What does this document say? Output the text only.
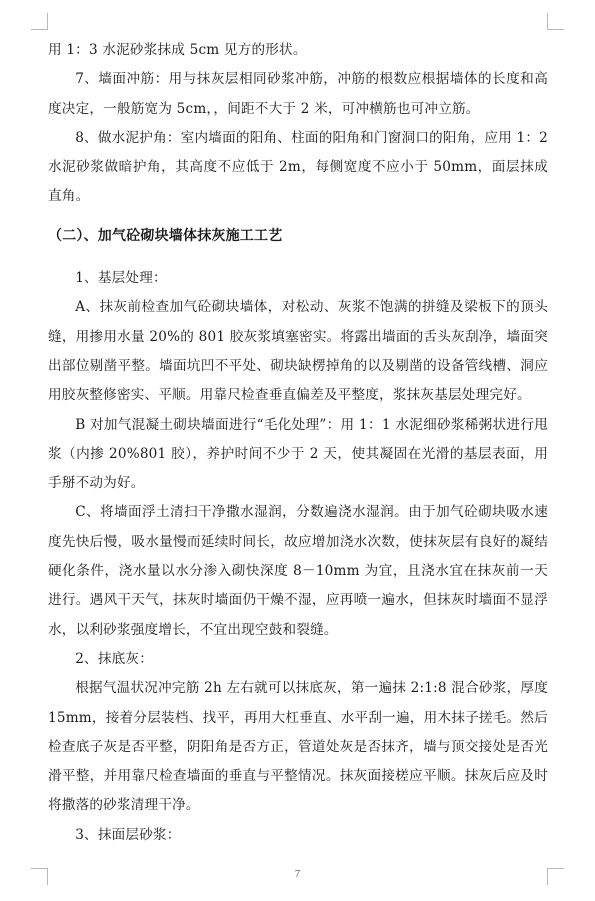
用 1：3 水泥砂浆抹成 5cm 见方的形状。

7、墙面冲筋：用与抹灰层相同砂浆冲筋，冲筋的根数应根据墙体的长度和高度决定，一般筋宽为 5cm，，间距不大于 2 米，可冲横筋也可冲立筋。

8、做水泥护角：室内墙面的阳角、柱面的阳角和门窗洞口的阳角，应用 1：2 水泥砂浆做暗护角，其高度不应低于 2m，每侧宽度不应小于 50mm，面层抹成直角。

（二）、加气砼砌块墙体抹灰施工工艺

1、基层处理：

A、抹灰前检查加气砼砌块墙体，对松动、灰浆不饱满的拼缝及梁板下的顶头缝，用掺用水量 20%的 801 胶灰浆填塞密实。将露出墙面的舌头灰刮净，墙面突出部位剔凿平整。墙面坑凹不平处、砌块缺楞掉角的以及剔凿的设备管线槽、洞应用胶灰整修密实、平顺。用靠尺检查垂直偏差及平整度，浆抹灰基层处理完好。

B 对加气混凝土砌块墙面进行“毛化处理”：用 1：1 水泥细砂浆稀粥状进行甩浆（内掺 20%801 胶），养护时间不少于 2 天，使其凝固在光滑的基层表面，用手掰不动为好。

C、将墙面浮土清扫干净撒水湿润，分数遍浇水湿润。由于加气砼砌块吸水速度先快后慢，吸水量慢而延续时间长，故应增加浇水次数，使抹灰层有良好的凝结硬化条件，浇水量以水分渗入砌快深度 8－10mm 为宜，且浇水宜在抹灰前一天进行。遇风干天气，抹灰时墙面仍干燥不湿，应再喷一遍水，但抹灰时墙面不显浮水，以利砂浆强度增长，不宜出现空鼓和裂缝。

2、抹底灰：

根据气温状况冲完筋 2h 左右就可以抹底灰，第一遍抹 2:1:8 混合砂浆，厚度 15mm，接着分层装档、找平，再用大杠垂直、水平刮一遍，用木抹子搓毛。然后检查底子灰是否平整，阴阳角是否方正，管道处灰是否抹齐，墙与顶交接处是否光滑平整，并用靠尺检查墙面的垂直与平整情况。抹灰面接槎应平顺。抹灰后应及时将撒落的砂浆清理干净。

3、抹面层砂浆：

7
